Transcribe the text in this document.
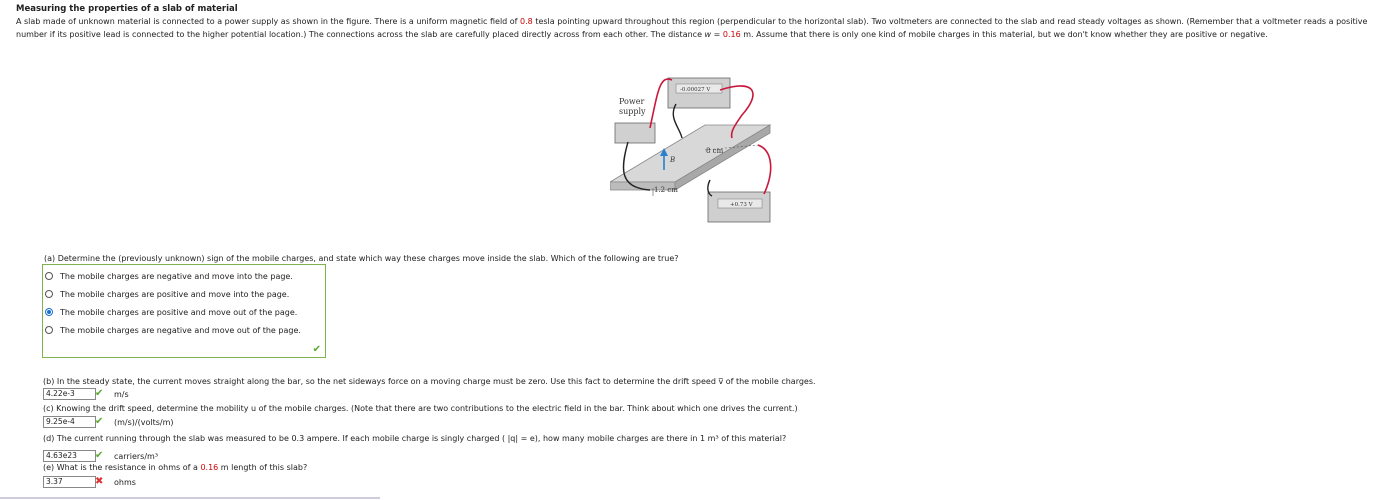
Measuring the properties of a slab of material
A slab made of unknown material is connected to a power supply as shown in the figure. There is a uniform magnetic field of 0.8 tesla pointing upward throughout this region (perpendicular to the horizontal slab). Two voltmeters are connected to the slab and read steady voltages as shown. (Remember that a voltmeter reads a positive number if its positive lead is connected to the higher potential location.) The connections across the slab are carefully placed directly across from each other. The distance w = 0.16 m. Assume that there is only one kind of mobile charges in this material, but we don't know whether they are positive or negative.
Power
supply
-0.00027 V
+0.73 V
B
8 cm
1.2 cm
(a) Determine the (previously unknown) sign of the mobile charges, and state which way these charges move inside the slab. Which of the following are true?
The mobile charges are negative and move into the page.
The mobile charges are positive and move into the page.
The mobile charges are positive and move out of the page.
The mobile charges are negative and move out of the page.
✔
(b) In the steady state, the current moves straight along the bar, so the net sideways force on a moving charge must be zero. Use this fact to determine the drift speed v̅ of the mobile charges.
4.22e-3	✔ m/s
(c) Knowing the drift speed, determine the mobility u of the mobile charges. (Note that there are two contributions to the electric field in the bar. Think about which one drives the current.)
9.25e-4	✔ (m/s)/(volts/m)
(d) The current running through the slab was measured to be 0.3 ampere. If each mobile charge is singly charged ( |q| = e), how many mobile charges are there in 1 m³ of this material?
4.63e23	✔ carriers/m³
(e) What is the resistance in ohms of a 0.16 m length of this slab?
3.37	✖ ohms
